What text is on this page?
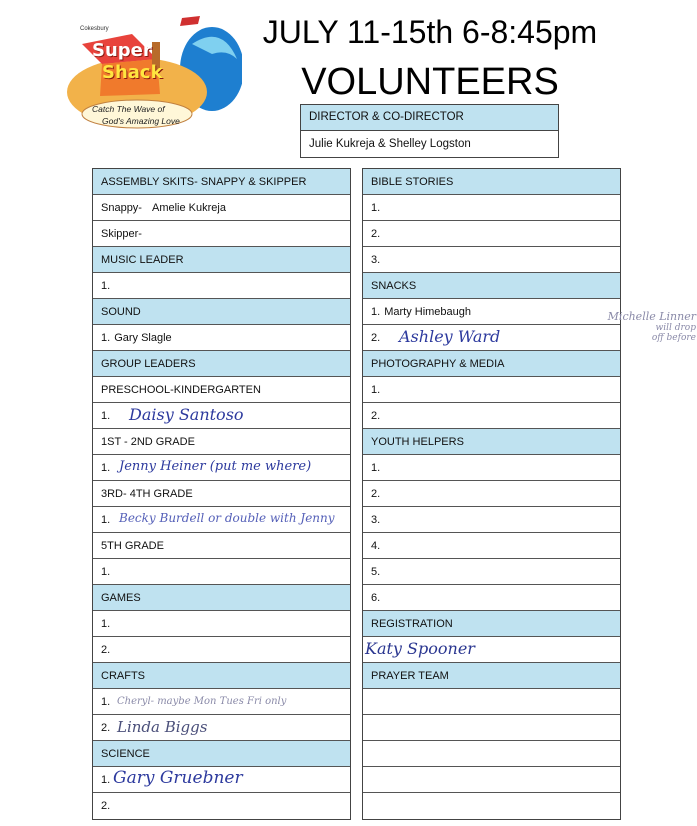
Cokesbury
Super
Shack
Catch The Wave of
God's Amazing Love
JULY 11-15th 6-8:45pm
VOLUNTEERS
DIRECTOR & CO-DIRECTOR
Julie Kukreja & Shelley Logston
ASSEMBLY SKITS- SNAPPY & SKIPPER
Snappy- Amelie Kukreja
Skipper-
MUSIC LEADER
1.
SOUND
1. Gary Slagle
GROUP LEADERS
PRESCHOOL-KINDERGARTEN
1. Daisy Santoso
1ST - 2ND GRADE
1. Jenny Heiner (put me where)
3RD- 4TH GRADE
1. Becky Burdell or double with Jenny
5TH GRADE
1.
GAMES
1.
2.
CRAFTS
1. Cheryl- maybe Mon Tues Fri only
2. Linda Biggs
SCIENCE
1. Gary Gruebner
2.
BIBLE STORIES
1.
2.
3.
SNACKS
1. Marty Himebaugh
2. Ashley Ward
PHOTOGRAPHY & MEDIA
1.
2.
YOUTH HELPERS
1.
2.
3.
4.
5.
6.
REGISTRATION
Katy Spooner
PRAYER TEAM
Michelle Linner
will drop
off before
